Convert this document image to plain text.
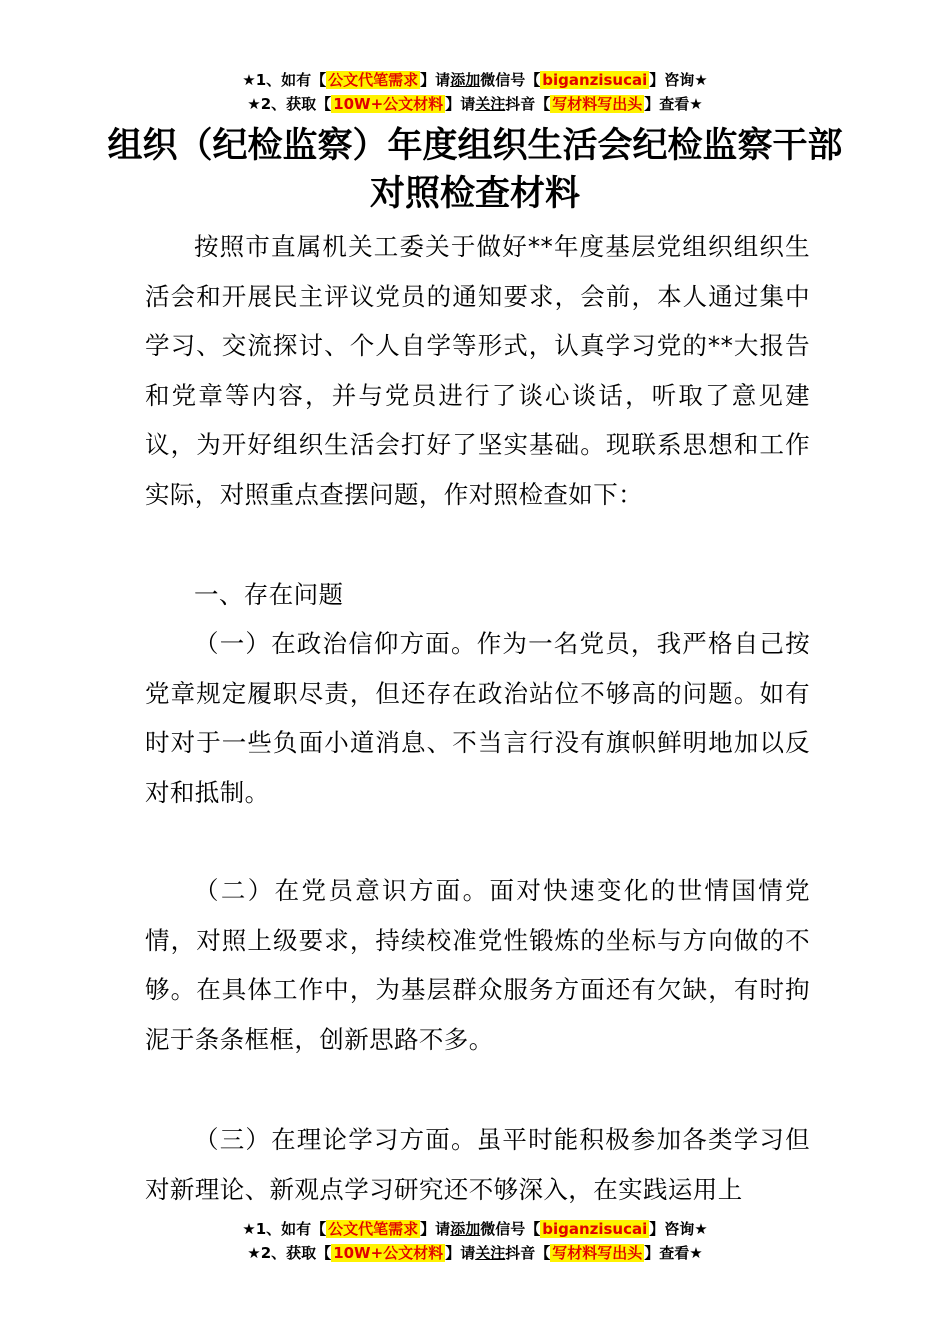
★1、如有【 公文代笔需求 】请添加微信号【 biganzisucai 】咨询★
★2、获取【 10W+公文材料 】请关注抖音【 写材料写出头 】查看★
组织（纪检监察）年度组织生活会纪检监察干部对照检查材料

按照市直属机关工委关于做好**年度基层党组织组织生活会和开展民主评议党员的通知要求，会前，本人通过集中学习、交流探讨、个人自学等形式，认真学习党的**大报告和党章等内容，并与党员进行了谈心谈话，听取了意见建议，为开好组织生活会打好了坚实基础。现联系思想和工作实际，对照重点查摆问题，作对照检查如下：

一、存在问题

（一）在政治信仰方面。作为一名党员，我严格自己按党章规定履职尽责，但还存在政治站位不够高的问题。如有时对于一些负面小道消息、不当言行没有旗帜鲜明地加以反对和抵制。

（二）在党员意识方面。面对快速变化的世情国情党情，对照上级要求，持续校准党性锻炼的坐标与方向做的不够。在具体工作中，为基层群众服务方面还有欠缺，有时拘泥于条条框框，创新思路不多。

（三）在理论学习方面。虽平时能积极参加各类学习但对新理论、新观点学习研究还不够深入，在实践运用上

★1、如有【 公文代笔需求 】请添加微信号【 biganzisucai 】咨询★
★2、获取【 10W+公文材料 】请关注抖音【 写材料写出头 】查看★
